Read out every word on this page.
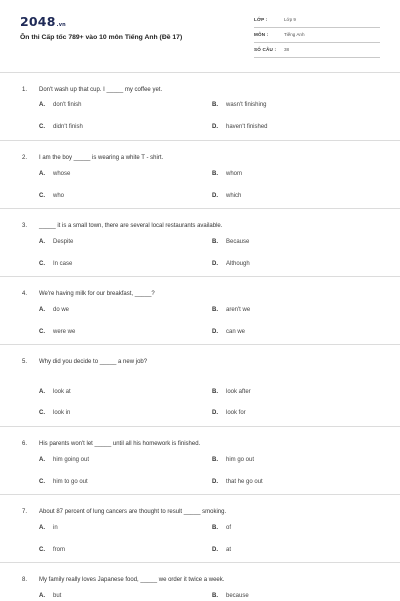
2048.vn
Ôn thi Cấp tốc 789+ vào 10 môn Tiếng Anh (Đề 17)
LỚP :	Lớp 9
MÔN :	Tiếng Anh
SỐ CÂU : 38
1. Don't wash up that cup. I _____ my coffee yet.
A. don't finish	B. wasn't finishing
C. didn't finish	D. haven't finished
2. I am the boy _____ is wearing a white T - shirt.
A. whose	B. whom
C. who	D. which
3. _____ it is a small town, there are several local restaurants available.
A. Despite	B. Because
C. In case	D. Although
4. We're having milk for our breakfast, _____?
A. do we	B. aren't we
C. were we	D. can we
5. Why did you decide to _____ a new job?
A. look at	B. look after
C. look in	D. look for
6. His parents won't let _____ until all his homework is finished.
A. him going out	B. him go out
C. him to go out	D. that he go out
7. About 87 percent of lung cancers are thought to result _____ smoking.
A. in	B. of
C. from	D. at
8. My family really loves Japanese food, _____ we order it twice a week.
A. but	B. because
